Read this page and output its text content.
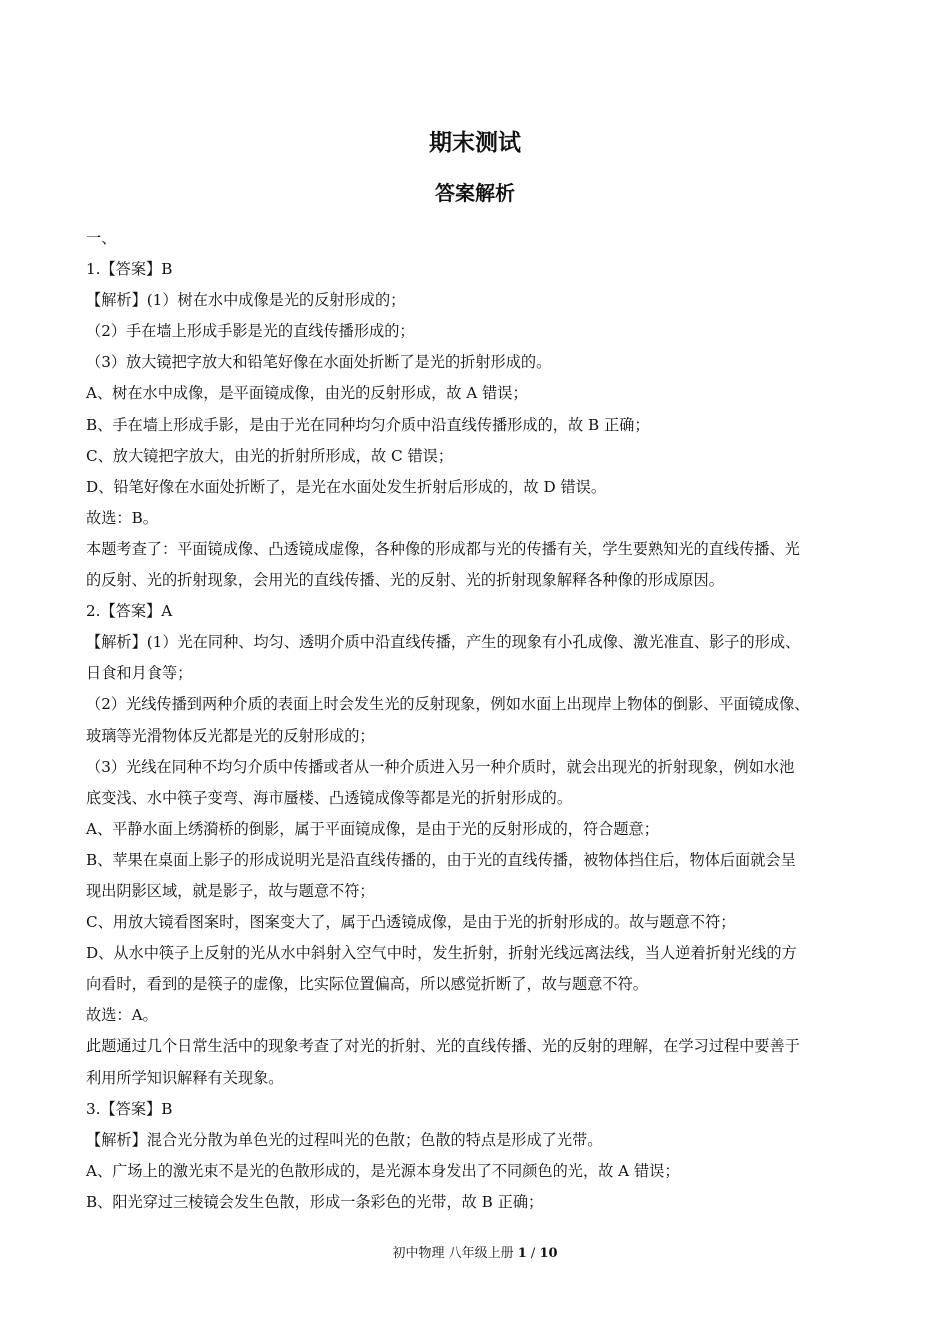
期末测试
答案解析
一、
1.【答案】B
【解析】(1）树在水中成像是光的反射形成的；
（2）手在墙上形成手影是光的直线传播形成的；
（3）放大镜把字放大和铅笔好像在水面处折断了是光的折射形成的。
A、树在水中成像，是平面镜成像，由光的反射形成，故 A 错误；
B、手在墙上形成手影，是由于光在同种均匀介质中沿直线传播形成的，故 B 正确；
C、放大镜把字放大，由光的折射所形成，故 C 错误；
D、铅笔好像在水面处折断了，是光在水面处发生折射后形成的，故 D 错误。
故选：B。
本题考查了：平面镜成像、凸透镜成虚像，各种像的形成都与光的传播有关，学生要熟知光的直线传播、光
的反射、光的折射现象，会用光的直线传播、光的反射、光的折射现象解释各种像的形成原因。
2.【答案】A
【解析】(1）光在同种、均匀、透明介质中沿直线传播，产生的现象有小孔成像、激光准直、影子的形成、
日食和月食等；
（2）光线传播到两种介质的表面上时会发生光的反射现象，例如水面上出现岸上物体的倒影、平面镜成像、
玻璃等光滑物体反光都是光的反射形成的；
（3）光线在同种不均匀介质中传播或者从一种介质进入另一种介质时，就会出现光的折射现象，例如水池
底变浅、水中筷子变弯、海市蜃楼、凸透镜成像等都是光的折射形成的。
A、平静水面上绣漪桥的倒影，属于平面镜成像，是由于光的反射形成的，符合题意；
B、苹果在桌面上影子的形成说明光是沿直线传播的，由于光的直线传播，被物体挡住后，物体后面就会呈
现出阴影区域，就是影子，故与题意不符；
C、用放大镜看图案时，图案变大了，属于凸透镜成像，是由于光的折射形成的。故与题意不符；
D、从水中筷子上反射的光从水中斜射入空气中时，发生折射，折射光线远离法线，当人逆着折射光线的方
向看时，看到的是筷子的虚像，比实际位置偏高，所以感觉折断了，故与题意不符。
故选：A。
此题通过几个日常生活中的现象考查了对光的折射、光的直线传播、光的反射的理解，在学习过程中要善于
利用所学知识解释有关现象。
3.【答案】B
【解析】混合光分散为单色光的过程叫光的色散；色散的特点是形成了光带。
A、广场上的激光束不是光的色散形成的，是光源本身发出了不同颜色的光，故 A 错误；
B、阳光穿过三棱镜会发生色散，形成一条彩色的光带，故 B 正确；
初中物理 八年级上册 1 / 10
